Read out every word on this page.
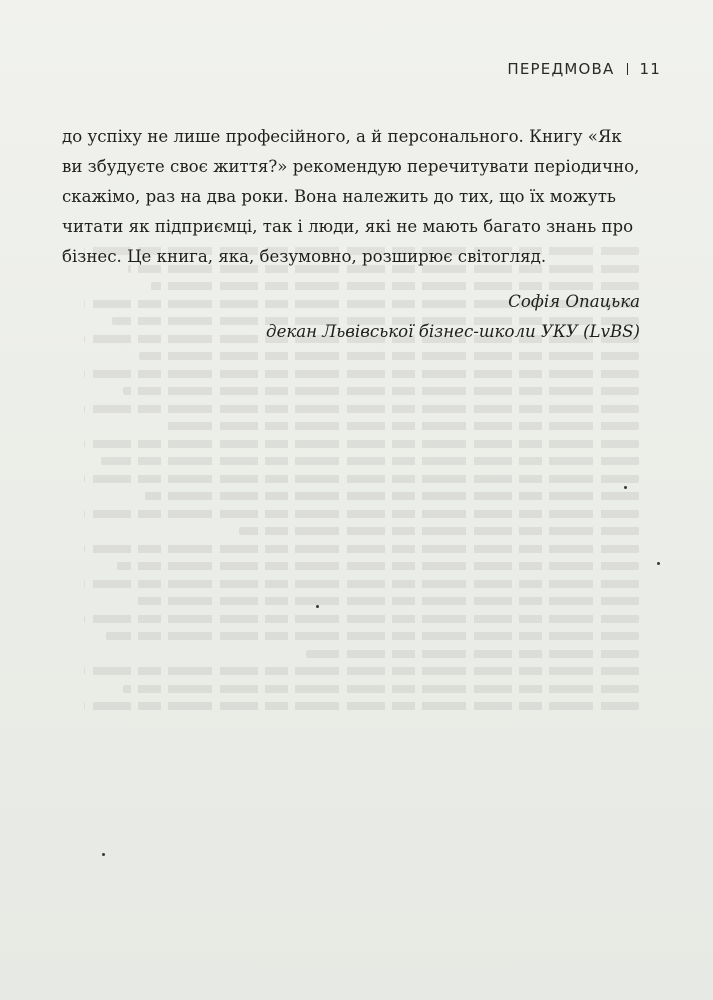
ПЕРЕДМОВА 11
до успіху не лише професійного, а й персонального. Книгу «Як
ви збудуєте своє життя?» рекомендую перечитувати періодично,
скажімо, раз на два роки. Вона належить до тих, що їх можуть
читати як підприємці, так і люди, які не мають багато знань про
бізнес. Це книга, яка, безумовно, розширює світогляд.
Софія Опацька
декан Львівської бізнес-школи УКУ (LvBS)
